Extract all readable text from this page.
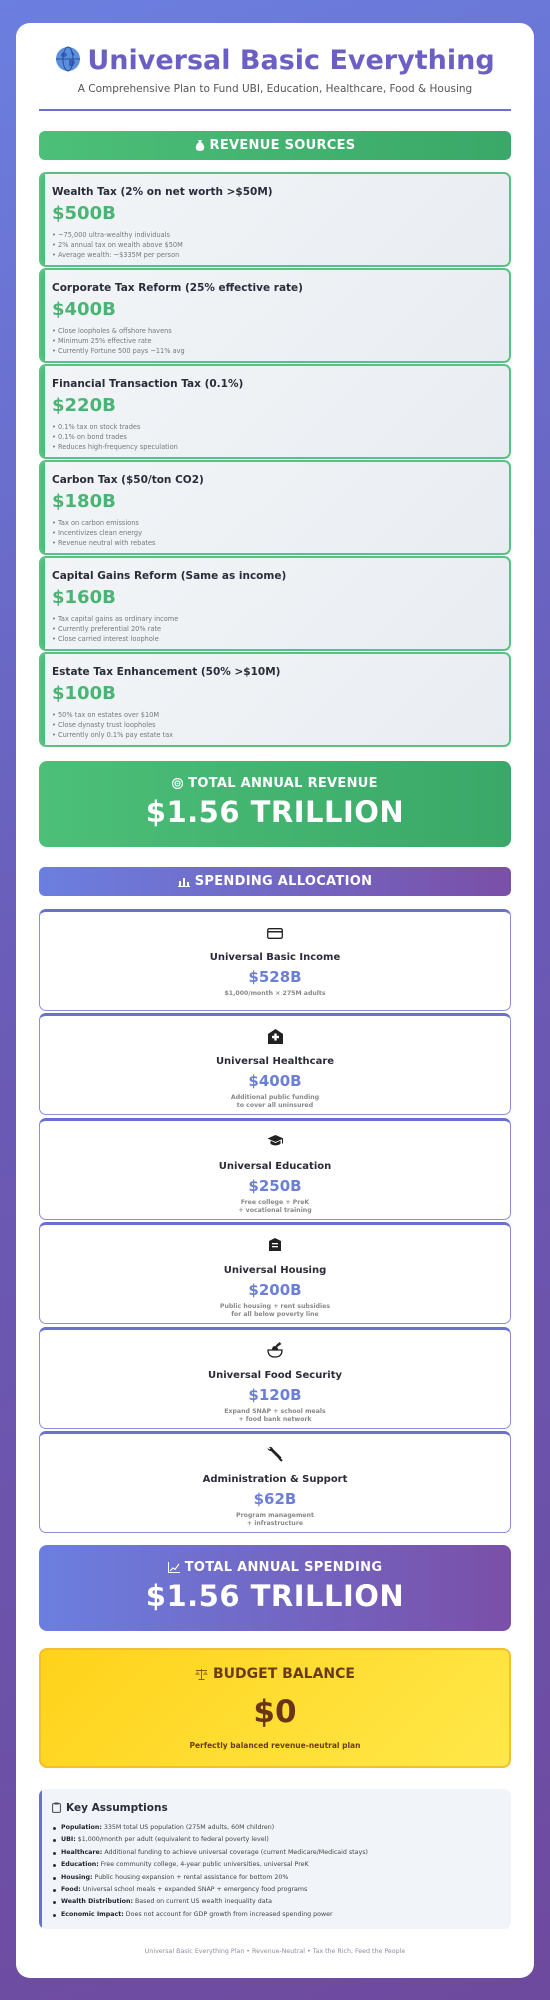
Universal Basic Everything
A Comprehensive Plan to Fund UBI, Education, Healthcare, Food & Housing
REVENUE SOURCES
Wealth Tax (2% on net worth >$50M)
$500B
• ~75,000 ultra-wealthy individuals
• 2% annual tax on wealth above $50M
• Average wealth: ~$335M per person
Corporate Tax Reform (25% effective rate)
$400B
• Close loopholes & offshore havens
• Minimum 25% effective rate
• Currently Fortune 500 pays ~11% avg
Financial Transaction Tax (0.1%)
$220B
• 0.1% tax on stock trades
• 0.1% on bond trades
• Reduces high-frequency speculation
Carbon Tax ($50/ton CO2)
$180B
• Tax on carbon emissions
• Incentivizes clean energy
• Revenue neutral with rebates
Capital Gains Reform (Same as income)
$160B
• Tax capital gains as ordinary income
• Currently preferential 20% rate
• Close carried interest loophole
Estate Tax Enhancement (50% >$10M)
$100B
• 50% tax on estates over $10M
• Close dynasty trust loopholes
• Currently only 0.1% pay estate tax
TOTAL ANNUAL REVENUE
$1.56 TRILLION
SPENDING ALLOCATION
Universal Basic Income
$528B
$1,000/month × 275M adults
Universal Healthcare
$400B
Additional public funding
to cover all uninsured
Universal Education
$250B
Free college + PreK
+ vocational training
Universal Housing
$200B
Public housing + rent subsidies
for all below poverty line
Universal Food Security
$120B
Expand SNAP + school meals
+ food bank network
Administration & Support
$62B
Program management
+ infrastructure
TOTAL ANNUAL SPENDING
$1.56 TRILLION
BUDGET BALANCE
$0
Perfectly balanced revenue-neutral plan
Key Assumptions
Population: 335M total US population (275M adults, 60M children)
UBI: $1,000/month per adult (equivalent to federal poverty level)
Healthcare: Additional funding to achieve universal coverage (current Medicare/Medicaid stays)
Education: Free community college, 4-year public universities, universal PreK
Housing: Public housing expansion + rental assistance for bottom 20%
Food: Universal school meals + expanded SNAP + emergency food programs
Wealth Distribution: Based on current US wealth inequality data
Economic Impact: Does not account for GDP growth from increased spending power
Universal Basic Everything Plan • Revenue-Neutral • Tax the Rich, Feed the People
